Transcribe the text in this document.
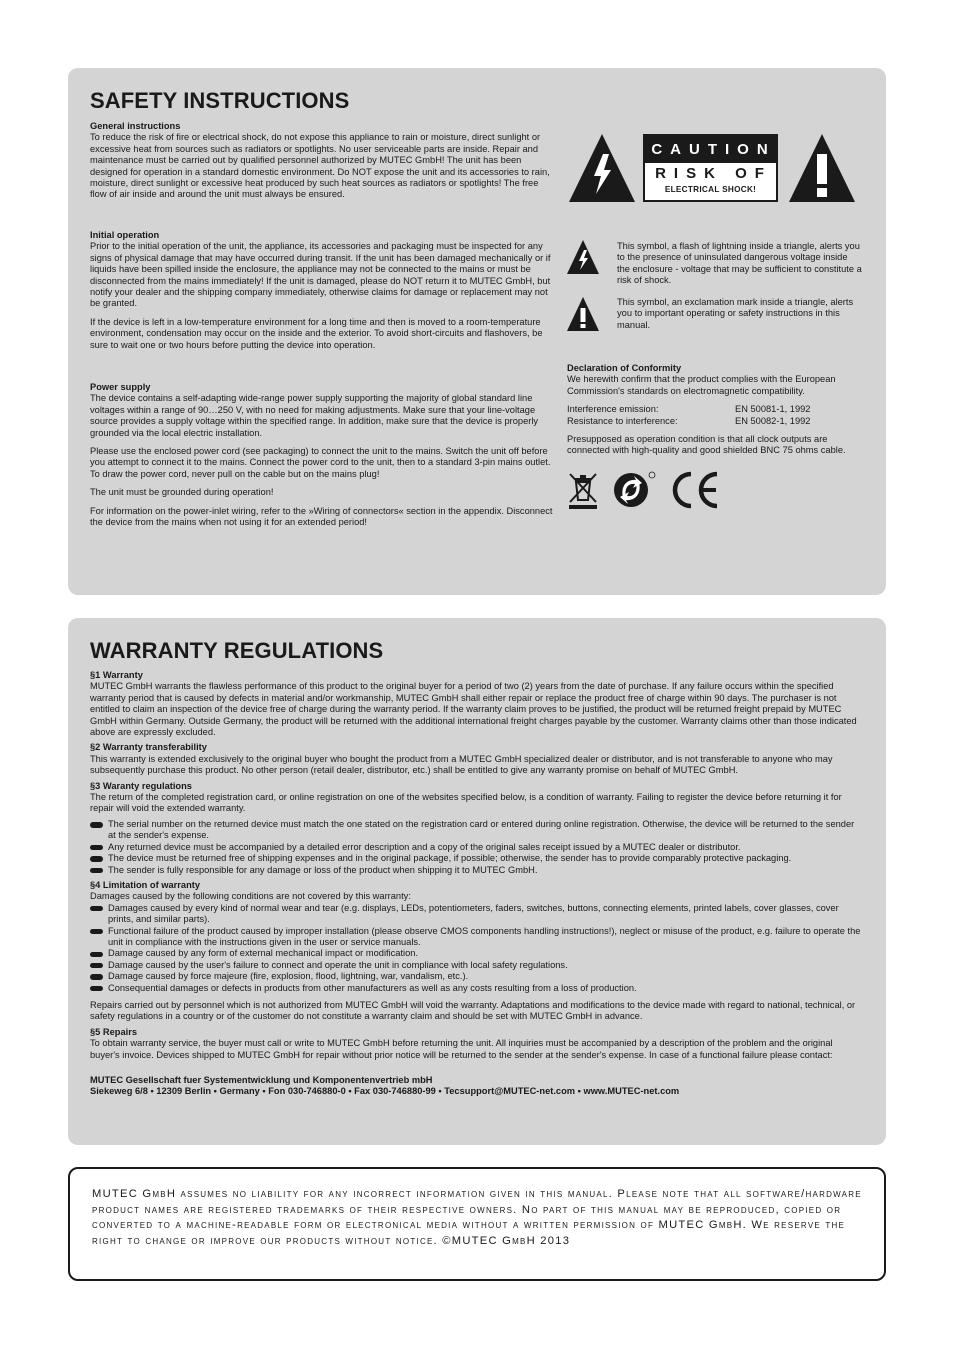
SAFETY INSTRUCTIONS
General instructions

To reduce the risk of fire or electrical shock, do not expose this appliance to rain or moisture, direct sunlight or excessive heat from sources such as radiators or spotlights. No user serviceable parts are inside. Repair and maintenance must be carried out by qualified personnel authorized by MUTEC GmbH! The unit has been designed for operation in a standard domestic environment. Do NOT expose the unit and its accessories to rain, moisture, direct sunlight or excessive heat produced by such heat sources as radiators or spotlights! The free flow of air inside and around the unit must always be ensured.

Initial operation

Prior to the initial operation of the unit, the appliance, its accessories and packaging must be inspected for any signs of physical damage that may have occurred during transit. If the unit has been damaged mechanically or if liquids have been spilled inside the enclosure, the appliance may not be connected to the mains or must be disconnected from the mains immediately! If the unit is damaged, please do NOT return it to MUTEC GmbH, but notify your dealer and the shipping company immediately, otherwise claims for damage or replacement may not be granted.

If the device is left in a low-temperature environment for a long time and then is moved to a room-temperature environment, condensation may occur on the inside and the exterior. To avoid short-circuits and flashovers, be sure to wait one or two hours before putting the device into operation.

Power supply

The device contains a self-adapting wide-range power supply supporting the majority of global standard line voltages within a range of 90…250 V, with no need for making adjustments. Make sure that your line-voltage source provides a supply voltage within the specified range. In addition, make sure that the device is properly grounded via the local electric installation.

Please use the enclosed power cord (see packaging) to connect the unit to the mains. Switch the unit off before you attempt to connect it to the mains. Connect the power cord to the unit, then to a standard 3-pin mains outlet. To draw the power cord, never pull on the cable but on the mains plug!

The unit must be grounded during operation!

For information on the power-inlet wiring, refer to the »Wiring of connectors« section in the appendix. Disconnect the device from the mains when not using it for an extended period!

CAUTION
RISK OF
ELECTRICAL SHOCK!
This symbol, a flash of lightning inside a triangle, alerts you to the presence of uninsulated dangerous voltage inside the enclosure - voltage that may be sufficient to constitute a risk of shock.
This symbol, an exclamation mark inside a triangle, alerts you to important operating or safety instructions in this manual.
Declaration of Conformity

We herewith confirm that the product complies with the European Commission's standards on electromagnetic compatibility.

Interference emission:	EN 50081-1, 1992
Resistance to interference:	EN 50082-1, 1992

Presupposed as operation condition is that all clock outputs are connected with high-quality and good shielded BNC 75 ohms cable.

WARRANTY REGULATIONS
§1 Warranty

MUTEC GmbH warrants the flawless performance of this product to the original buyer for a period of two (2) years from the date of purchase. If any failure occurs within the specified warranty period that is caused by defects in material and/or workmanship, MUTEC GmbH shall either repair or replace the product free of charge within 90 days. The purchaser is not entitled to claim an inspection of the device free of charge during the warranty period. If the warranty claim proves to be justified, the product will be returned freight prepaid by MUTEC GmbH within Germany. Outside Germany, the product will be returned with the additional international freight charges payable by the customer. Warranty claims other than those indicated above are expressly excluded.

§2 Warranty transferability

This warranty is extended exclusively to the original buyer who bought the product from a MUTEC GmbH specialized dealer or distributor, and is not transferable to anyone who may subsequently purchase this product. No other person (retail dealer, distributor, etc.) shall be entitled to give any warranty promise on behalf of MUTEC GmbH.

§3 Waranty regulations

The return of the completed registration card, or online registration on one of the websites specified below, is a condition of warranty. Failing to register the device before returning it for repair will void the extended warranty.

The serial number on the returned device must match the one stated on the registration card or entered during online registration. Otherwise, the device will be returned to the sender at the sender's expense.
Any returned device must be accompanied by a detailed error description and a copy of the original sales receipt issued by a MUTEC dealer or distributor.
The device must be returned free of shipping expenses and in the original package, if possible; otherwise, the sender has to provide comparably protective packaging.
The sender is fully responsible for any damage or loss of the product when shipping it to MUTEC GmbH.
§4 Limitation of warranty

Damages caused by the following conditions are not covered by this warranty:

Damages caused by every kind of normal wear and tear (e.g. displays, LEDs, potentiometers, faders, switches, buttons, connecting elements, printed labels, cover glasses, cover prints, and similar parts).
Functional failure of the product caused by improper installation (please observe CMOS components handling instructions!), neglect or misuse of the product, e.g. failure to operate the unit in compliance with the instructions given in the user or service manuals.
Damage caused by any form of external mechanical impact or modification.
Damage caused by the user's failure to connect and operate the unit in compliance with local safety regulations.
Damage caused by force majeure (fire, explosion, flood, lightning, war, vandalism, etc.).
Consequential damages or defects in products from other manufacturers as well as any costs resulting from a loss of production.

Repairs carried out by personnel which is not authorized from MUTEC GmbH will void the warranty. Adaptations and modifications to the device made with regard to national, technical, or safety regulations in a country or of the customer do not constitute a warranty claim and should be set with MUTEC GmbH in advance.

§5 Repairs

To obtain warranty service, the buyer must call or write to MUTEC GmbH before returning the unit. All inquiries must be accompanied by a description of the problem and the original buyer's invoice. Devices shipped to MUTEC GmbH for repair without prior notice will be returned to the sender at the sender's expense. In case of a functional failure please contact:

MUTEC Gesellschaft fuer Systementwicklung und Komponentenvertrieb mbH
Siekeweg 6/8 • 12309 Berlin • Germany • Fon 030-746880-0 • Fax 030-746880-99 • Tecsupport@MUTEC-net.com • www.MUTEC-net.com
MUTEC GmbH assumes no liability for any incorrect information given in this manual. Please note that all software/hardware product names are registered trademarks of their respective owners. No part of this manual may be reproduced, copied or converted to a machine-readable form or electronical media without a written permission of MUTEC GmbH. We reserve the right to change or improve our products without notice. ©MUTEC GmbH 2013
